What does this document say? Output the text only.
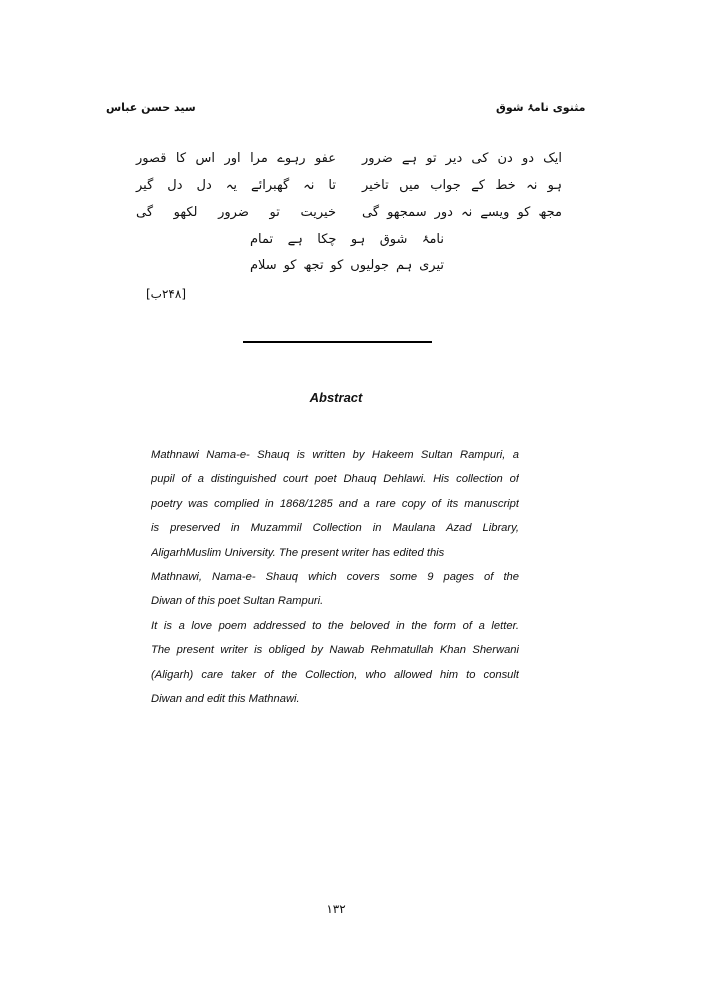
سید حسن عباس	مثنوی نامۂ شوق
ایک دو دن کی دیر تو ہے ضرور
عفو رہوے مرا اور اس کا قصور
ہو نہ خط کے جواب میں تاخیر
تا نہ گھبرائے یہ دل دل گیر
مجھ کو ویسے نہ دور سمجھو گی
خیریت تو ضرور لکھو گی
نامۂ شوق ہو چکا ہے تمام
تیری ہم جولیوں کو تجھ کو سلام
[۲۴۸ب]
Abstract
Mathnawi Nama-e- Shauq is written by Hakeem Sultan Rampuri, a
pupil of a distinguished court poet Dhauq Dehlawi. His collection of
poetry was complied in 1868/1285 and a rare copy of its manuscript
is preserved in Muzammil Collection in Maulana Azad Library,
AligarhMuslim University. The present writer has edited this
Mathnawi, Nama-e- Shauq which covers some 9 pages of the
Diwan of this poet Sultan Rampuri.
It is a love poem addressed to the beloved in the form of a letter.
The present writer is obliged by Nawab Rehmatullah Khan Sherwani
(Aligarh) care taker of the Collection, who allowed him to consult
Diwan and edit this Mathnawi.
۱۳۲
